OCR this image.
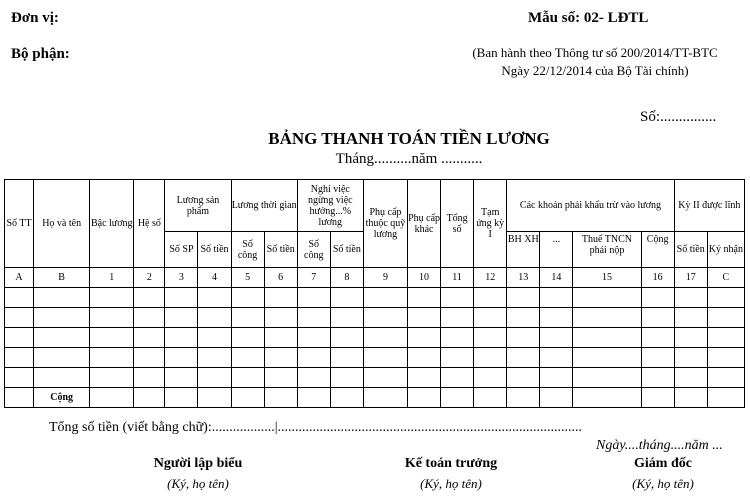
Đơn vị:
Bộ phận:
Mẫu số: 02- LĐTL
(Ban hành theo Thông tư số 200/2014/TT-BTC
Ngày 22/12/2014 của Bộ Tài chính)
Số:...............
BẢNG THANH TOÁN TIỀN LƯƠNG
Tháng..........năm ...........
Số TT	Họ và tên	Bậc lương	Hệ số	Lương sản phẩm		Lương thời gian		Nghỉ việc ngừng việc hưởng...% lương		Phụ cấp thuộc quỹ lương	Phụ cấp khác	Tổng số	Tạm ứng kỳ I	Các khoản phải khấu trừ vào lương				Kỳ II được lĩnh	
				Số SP	Số tiền	Số công	Số tiền	Số công	Số tiền					BH XH	...	Thuế TNCN phải nộp	Cộng	Số tiền	Ký nhận
A	B	1	2	3	4	5	6	7	8	9	10	11	12	13	14	15	16	17	C

	Cộng																		
Tổng số tiền (viết bằng chữ):..................|.......................................................................................
Ngày....tháng....năm ...
Người lập biểu
(Ký, họ tên)
Kế toán trưởng
(Ký, họ tên)
Giám đốc
(Ký, họ tên)
